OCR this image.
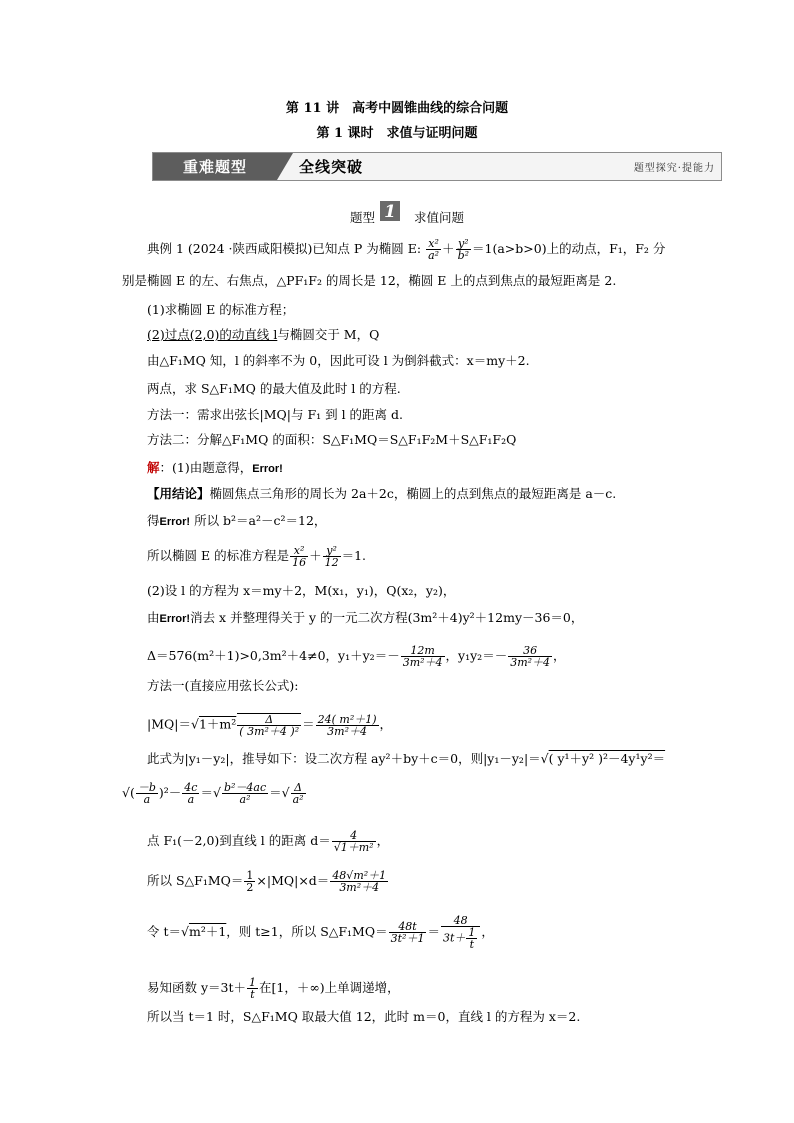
第 11 讲　高考中圆锥曲线的综合问题
第 1 课时　求值与证明问题
重难题型	全线突破	题型探究·提能力
题型 1 求值问题
典例 1 (2024 ·陕西咸阳模拟)已知点 P 为椭圆 E: $\frac{\text{x²}}{\text{a²}} + \frac{\text{y²}}{\text{b²}} =1(a>b>0)$上的动点，F₁，F₂ 分
别是椭圆 E 的左、右焦点，△PF₁F₂ 的周长是 12，椭圆 E 上的点到焦点的最短距离是 2.
(1)求椭圆 E 的标准方程；
(2)过点(2,0)的动直线 l与椭圆交于 M，Q
由△F₁MQ 知，l 的斜率不为 0，因此可设 l 为倒斜截式：x＝my＋2.
两点，求 S△F₁MQ 的最大值及此时 l 的方程.
方法一：需求出弦长|MQ|与 F₁ 到 l 的距离 d.
方法二：分解△F₁MQ 的面积：S△F₁MQ＝S△F₁F₂M＋S△F₁F₂Q
解：(1)由题意得，Error!
【用结论】椭圆焦点三角形的周长为 2a＋2c，椭圆上的点到焦点的最短距离是 a－c.
得Error! 所以 b²＝a²－c²＝12，
所以椭圆 E 的标准方程是 $\frac{\text{x²}}{16} + \frac{\text{y²}}{12} =1$.
(2)设 l 的方程为 x＝my＋2，M(x₁，y₁)，Q(x₂，y₂)，
由Error!消去 x 并整理得关于 y 的一元二次方程(3m²＋4)y²＋12my－36＝0，
Δ＝576(m²＋1)>0,3m²＋4≠0，$y_1+y_2=- \frac{12m}{\text{3m²＋4}}$ ，$y_1y_2=- \frac{36}{\text{3m²＋4}}$ ，
方法一(直接应用弦长公式):
$|MQ|=√1+m^2 \frac{\Delta}{\text{( 3m²＋4 )²}} = \frac{\text{24( m²＋1)}}{\text{3m²＋4}}$ ，
此式为|y₁－y₂|，推导如下：设二次方程 ay²＋by＋c＝0，则|y₁－y₂|＝√( y¹＋y² )²－4y¹y²＝
√( $\frac{-b}{a} )^2- \frac{4c}{a}$ ＝√ $\frac{\text{b²－4ac}}{\text{a²}}$ ＝√ $\frac{\Delta}{\text{a²}}$
点 F₁(－2,0)到直线 l 的距离 $d= \frac{4}{\text{√1＋m²}}$ ，
所以 S△F₁MQ＝ $\frac{1}{2} \times|MQ|\times d= \frac{\text{48√m²＋1}}{\text{3m²＋4}}$
令 t＝√m²＋1，则 t≥1，所以 S△F₁MQ＝ $\frac{48t}{\text{3t²＋1}} = \frac{48}{3t+ \frac{1}{t}}$ ，
易知函数 $y=3t+ \frac{1}{t}$ 在[1，＋∞)上单调递增，
所以当 t＝1 时，S△F₁MQ 取最大值 12，此时 m＝0，直线 l 的方程为 x＝2.
